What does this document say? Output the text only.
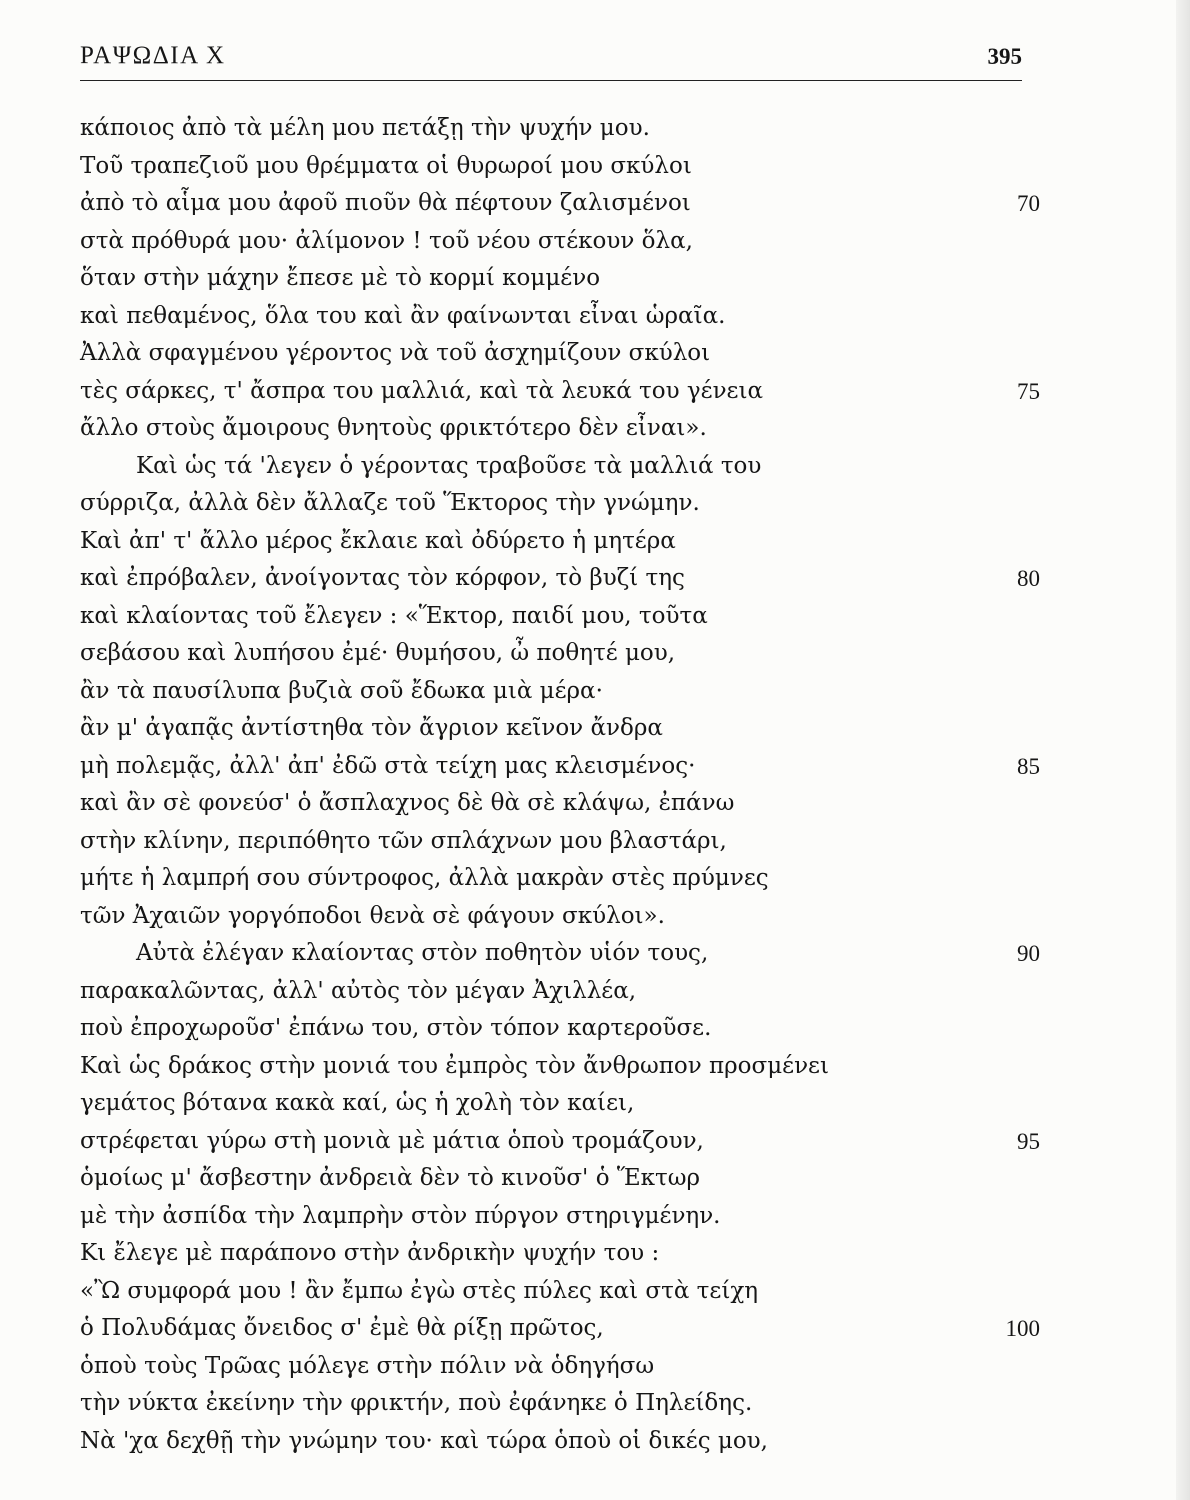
ΡΑΨΩΔΙΑ Χ	395
κάποιος ἀπὸ τὰ μέλη μου πετάξῃ τὴν ψυχήν μου.
Τοῦ τραπεζιοῦ μου θρέμματα οἱ θυρωροί μου σκύλοι
ἀπὸ τὸ αἷμα μου ἀφοῦ πιοῦν θὰ πέφτουν ζαλισμένοι	70
στὰ πρόθυρά μου· ἀλίμονον ! τοῦ νέου στέκουν ὅλα,
ὅταν στὴν μάχην ἔπεσε μὲ τὸ κορμί κομμένο
καὶ πεθαμένος, ὅλα του καὶ ἂν φαίνωνται εἶναι ὡραῖα.
Ἀλλὰ σφαγμένου γέροντος νὰ τοῦ ἀσχημίζουν σκύλοι
τὲς σάρκες, τ' ἄσπρα του μαλλιά, καὶ τὰ λευκά του γένεια	75
ἄλλο στοὺς ἄμοιρους θνητοὺς φρικτότερο δὲν εἶναι».
Καὶ ὡς τά 'λεγεν ὁ γέροντας τραβοῦσε τὰ μαλλιά του
σύρριζα, ἀλλὰ δὲν ἄλλαζε τοῦ Ἕκτορος τὴν γνώμην.
Καὶ ἀπ' τ' ἄλλο μέρος ἔκλαιε καὶ ὀδύρετο ἡ μητέρα
καὶ ἐπρόβαλεν, ἀνοίγοντας τὸν κόρφον, τὸ βυζί της	80
καὶ κλαίοντας τοῦ ἔλεγεν : «Ἕκτορ, παιδί μου, τοῦτα
σεβάσου καὶ λυπήσου ἐμέ· θυμήσου, ὦ ποθητέ μου,
ἂν τὰ παυσίλυπα βυζιὰ σοῦ ἔδωκα μιὰ μέρα·
ἂν μ' ἀγαπᾷς ἀντίστηθα τὸν ἄγριον κεῖνον ἄνδρα
μὴ πολεμᾷς, ἀλλ' ἀπ' ἐδῶ στὰ τείχη μας κλεισμένος·	85
καὶ ἂν σὲ φονεύσ' ὁ ἄσπλαχνος δὲ θὰ σὲ κλάψω, ἐπάνω
στὴν κλίνην, περιπόθητο τῶν σπλάχνων μου βλαστάρι,
μήτε ἡ λαμπρή σου σύντροφος, ἀλλὰ μακρὰν στὲς πρύμνες
τῶν Ἀχαιῶν γοργόποδοι θενὰ σὲ φάγουν σκύλοι».
Αὐτὰ ἐλέγαν κλαίοντας στὸν ποθητὸν υἱόν τους,	90
παρακαλῶντας, ἀλλ' αὐτὸς τὸν μέγαν Ἀχιλλέα,
ποὺ ἐπροχωροῦσ' ἐπάνω του, στὸν τόπον καρτεροῦσε.
Καὶ ὡς δράκος στὴν μονιά του ἐμπρὸς τὸν ἄνθρωπον προσμένει
γεμάτος βότανα κακὰ καί, ὡς ἡ χολὴ τὸν καίει,
στρέφεται γύρω στὴ μονιὰ μὲ μάτια ὁποὺ τρομάζουν,	95
ὁμοίως μ' ἄσβεστην ἀνδρειὰ δὲν τὸ κινοῦσ' ὁ Ἕκτωρ
μὲ τὴν ἀσπίδα τὴν λαμπρὴν στὸν πύργον στηριγμένην.
Κι ἔλεγε μὲ παράπονο στὴν ἀνδρικὴν ψυχήν του :
«Ὢ συμφορά μου ! ἂν ἔμπω ἐγὼ στὲς πύλες καὶ στὰ τείχη
ὁ Πολυδάμας ὄνειδος σ' ἐμὲ θὰ ρίξῃ πρῶτος,	100
ὁποὺ τοὺς Τρῶας μόλεγε στὴν πόλιν νὰ ὁδηγήσω
τὴν νύκτα ἐκείνην τὴν φρικτήν, ποὺ ἐφάνηκε ὁ Πηλείδης.
Νὰ 'χα δεχθῇ τὴν γνώμην του· καὶ τώρα ὁποὺ οἱ δικές μου,
